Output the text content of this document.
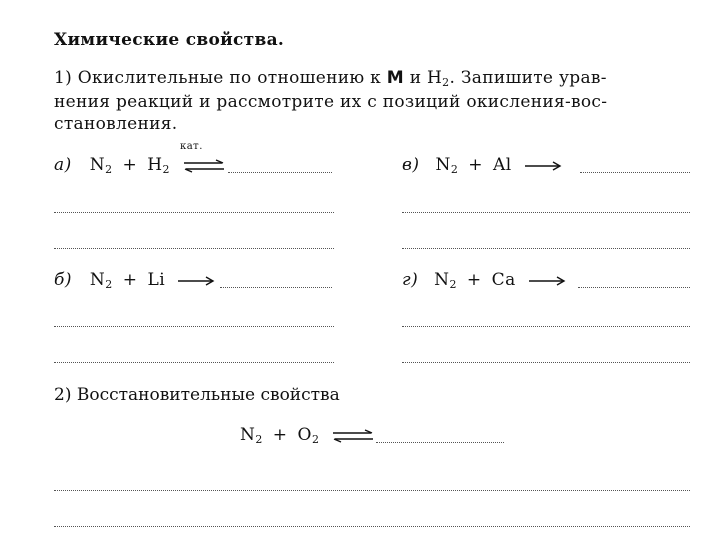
Химические свойства.
1) Окислительные по отношению к M и $H_2$. Запишите урав-
нения реакций и рассмотрите их с позиций окисления-вос-
становления.
а) $N_2 + H_2$
кат.
в) $N_2 + Al$
б) $N_2 + Li$	г) $N_2 + Ca$
2) Восстановительные свойства
$N_2 + O_2$ ⇌
